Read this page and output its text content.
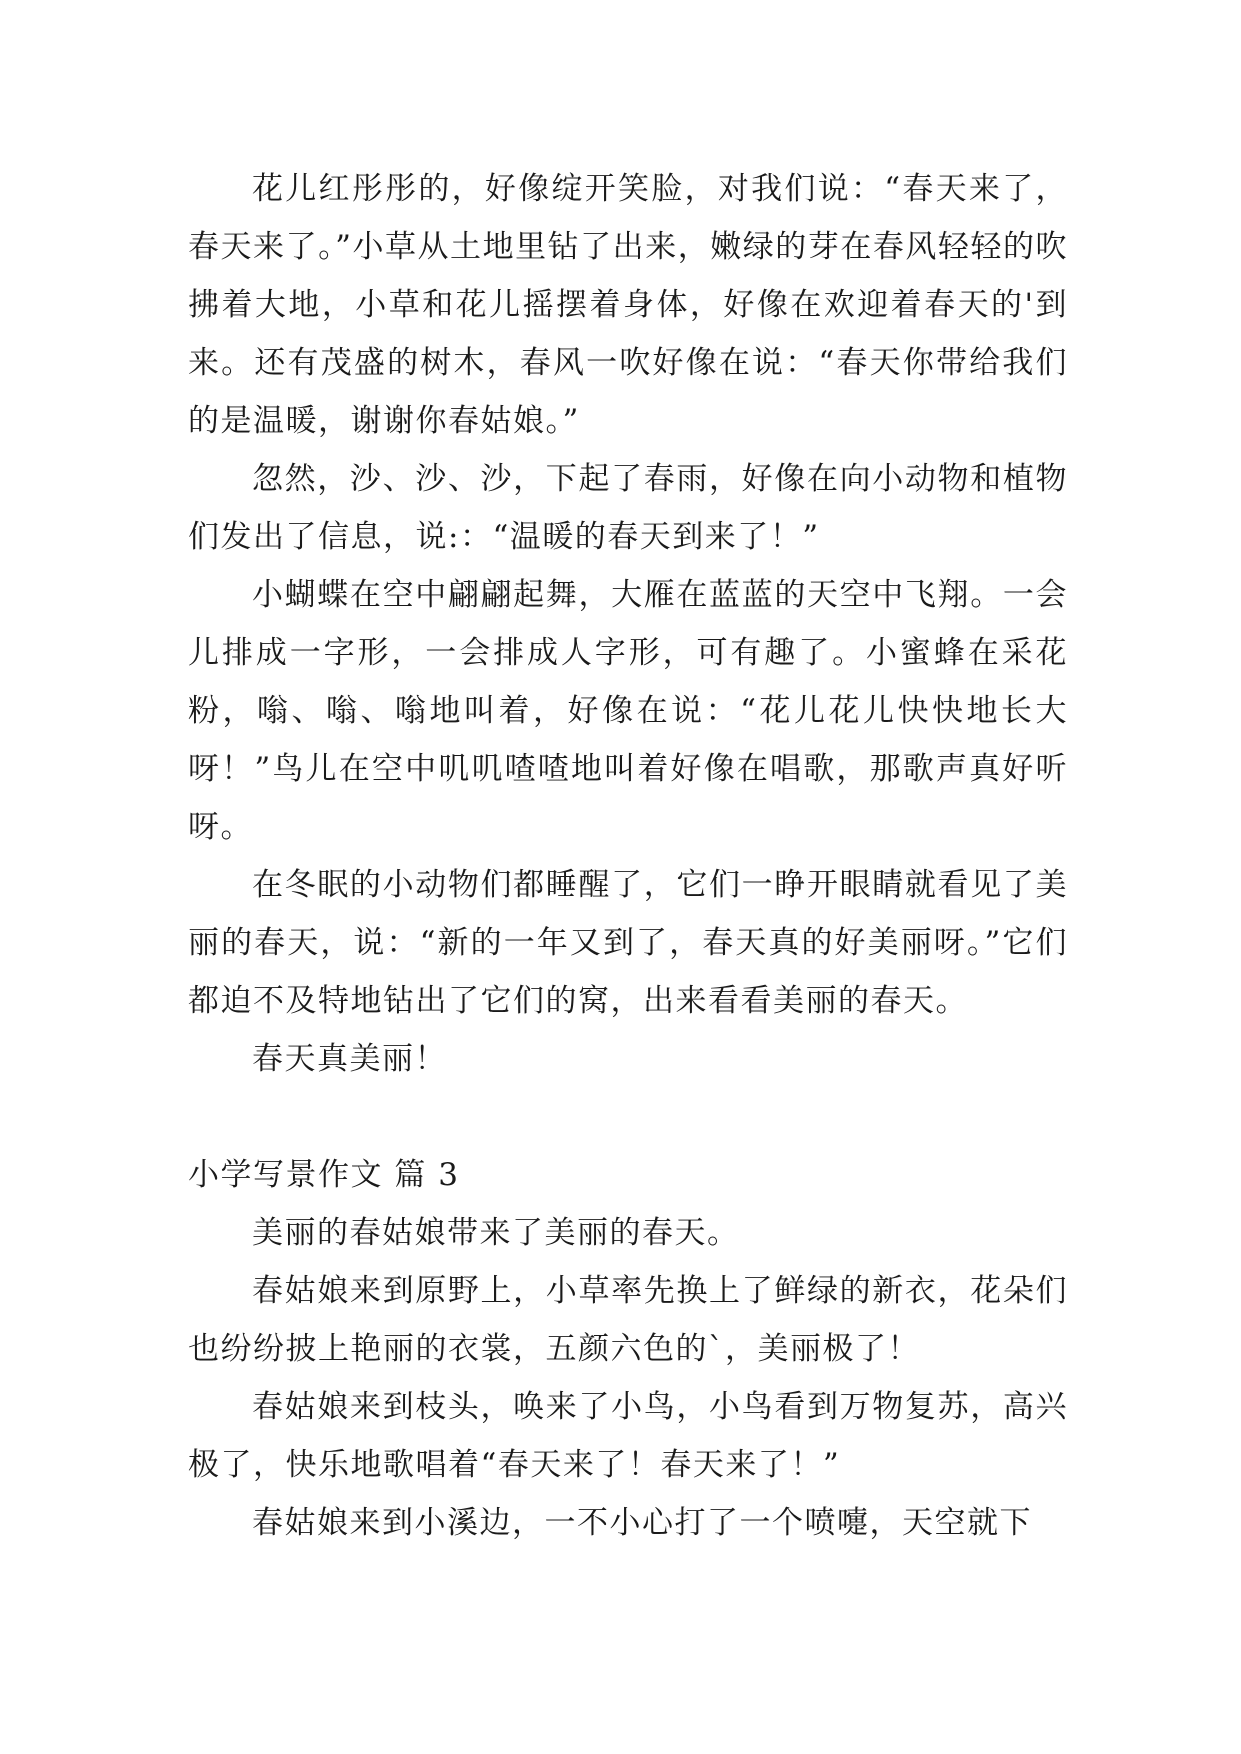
花儿红彤彤的，好像绽开笑脸，对我们说：“春天来了，春天来了。”小草从土地里钻了出来，嫩绿的芽在春风轻轻的吹拂着大地，小草和花儿摇摆着身体，好像在欢迎着春天的'到来。还有茂盛的树木，春风一吹好像在说：“春天你带给我们的是温暖，谢谢你春姑娘。”

忽然，沙、沙、沙，下起了春雨，好像在向小动物和植物们发出了信息，说:：“温暖的春天到来了！”

小蝴蝶在空中翩翩起舞，大雁在蓝蓝的天空中飞翔。一会儿排成一字形，一会排成人字形，可有趣了。小蜜蜂在采花粉，嗡、嗡、嗡地叫着，好像在说：“花儿花儿快快地长大呀！”鸟儿在空中叽叽喳喳地叫着好像在唱歌，那歌声真好听呀。

在冬眠的小动物们都睡醒了，它们一睁开眼睛就看见了美丽的春天，说：“新的一年又到了，春天真的好美丽呀。”它们都迫不及特地钻出了它们的窝，出来看看美丽的春天。

春天真美丽！

小学写景作文 篇 3

美丽的春姑娘带来了美丽的春天。

春姑娘来到原野上，小草率先换上了鲜绿的新衣，花朵们也纷纷披上艳丽的衣裳，五颜六色的`，美丽极了！

春姑娘来到枝头，唤来了小鸟，小鸟看到万物复苏，高兴极了，快乐地歌唱着“春天来了！春天来了！”

春姑娘来到小溪边，一不小心打了一个喷嚏，天空就下
